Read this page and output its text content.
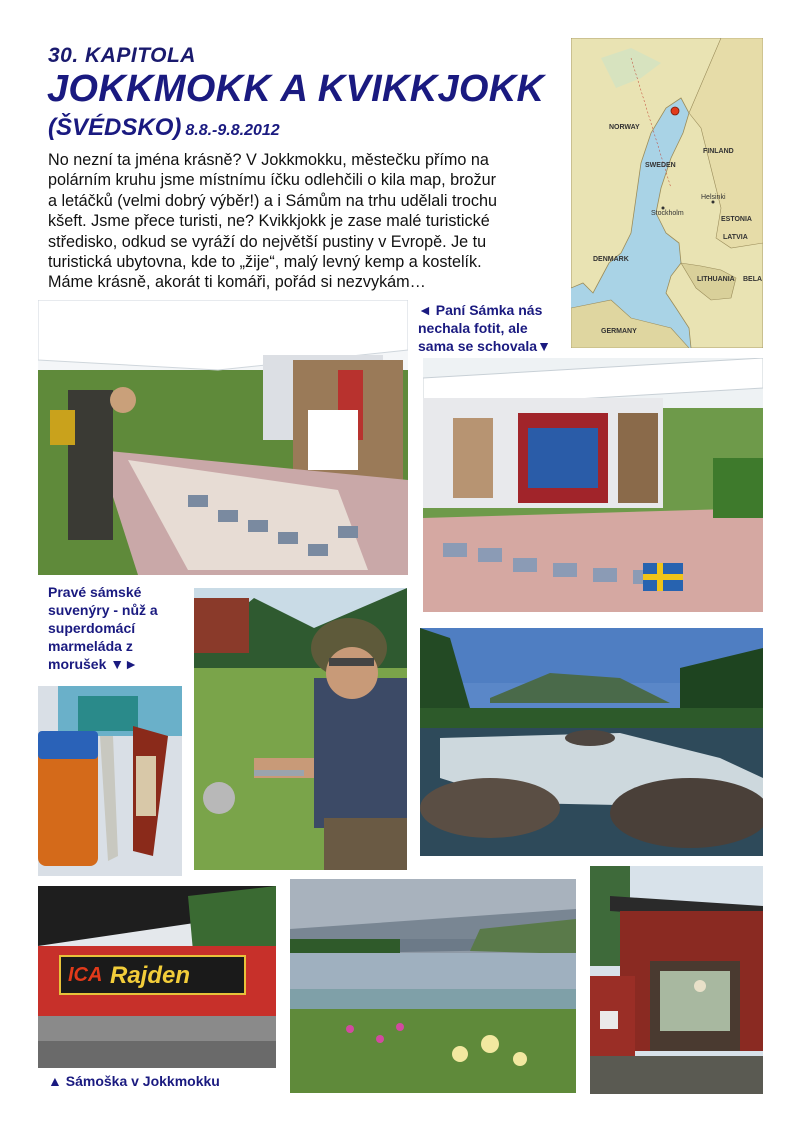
30. KAPITOLA
JOKKMOKK A KVIKKJOKK
(ŠVÉDSKO) 8.8.-9.8.2012
No nezní ta jména krásně? V Jokkmokku, městečku přímo na
polárním kruhu jsme místnímu íčku odlehčili o kila map, brožur
a letáčků (velmi dobrý výběr!) a i Sámům na trhu udělali trochu
kšeft. Jsme přece turisti, ne? Kvikkjokk je zase malé turistické
středisko, odkud se vyráží do největší pustiny v Evropě. Je tu
turistická ubytovna, kde to „žije“, malý levný kemp a kostelík.
Máme krásně, akorát ti komáři, pořád si nezvykám…
NORWAY
SWEDEN
FINLAND
ESTONIA
LATVIA
LITHUANIA
DENMARK
GERMANY
BELA
Stockholm
Helsinki
◄ Paní Sámka nás
nechala fotit, ale
sama se schovala▼
Pravé sámské
suvenýry - nůž a
superdomácí
marmeláda z
morušek ▼►
ICA Rajden
▲ Sámoška v Jokkmokku
